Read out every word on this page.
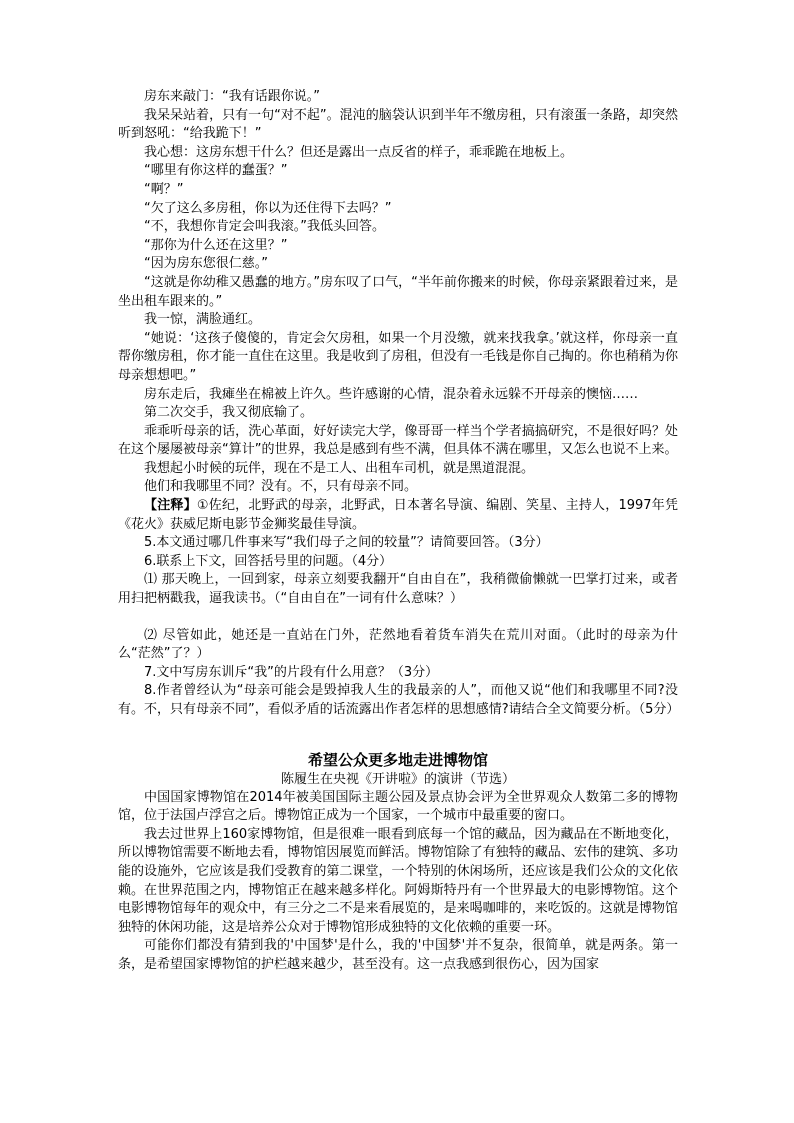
房东来敲门：“我有话跟你说。”

我呆呆站着，只有一句“对不起”。混沌的脑袋认识到半年不缴房租，只有滚蛋一条路，却突然听到怒吼：“给我跪下！”

我心想：这房东想干什么？但还是露出一点反省的样子，乖乖跪在地板上。

“哪里有你这样的蠢蛋？”

“啊？”

“欠了这么多房租，你以为还住得下去吗？”

“不，我想你肯定会叫我滚。”我低头回答。

“那你为什么还在这里？”

“因为房东您很仁慈。”

“这就是你幼稚又愚蠢的地方。”房东叹了口气，“半年前你搬来的时候，你母亲紧跟着过来，是坐出租车跟来的。”

我一惊，满脸通红。

“她说：‘这孩子傻傻的，肯定会欠房租，如果一个月没缴，就来找我拿。’就这样，你母亲一直帮你缴房租，你才能一直住在这里。我是收到了房租，但没有一毛钱是你自己掏的。你也稍稍为你母亲想想吧。”

房东走后，我瘫坐在棉被上许久。些许感谢的心情，混杂着永远躲不开母亲的懊恼……

第二次交手，我又彻底输了。

乖乖听母亲的话，洗心革面，好好读完大学，像哥哥一样当个学者搞搞研究，不是很好吗？处在这个屡屡被母亲“算计”的世界，我总是感到有些不满，但具体不满在哪里，又怎么也说不上来。

我想起小时候的玩伴，现在不是工人、出租车司机，就是黑道混混。

他们和我哪里不同？没有。不，只有母亲不同。

【注释】①佐纪，北野武的母亲，北野武，日本著名导演、编剧、笑星、主持人，1997年凭《花火》获威尼斯电影节金狮奖最佳导演。

5.本文通过哪几件事来写“我们母子之间的较量”？请简要回答。（3分）

6.联系上下文，回答括号里的问题。（4分）

⑴ 那天晚上，一回到家，母亲立刻要我翻开“自由自在”，我稍微偷懒就一巴掌打过来，或者用扫把柄戳我，逼我读书。（“自由自在”一词有什么意味？）

⑵ 尽管如此，她还是一直站在门外，茫然地看着货车消失在荒川对面。（此时的母亲为什么“茫然”了？）

7.文中写房东训斥“我”的片段有什么用意？（3分）

8.作者曾经认为“母亲可能会是毁掉我人生的我最亲的人”，而他又说“他们和我哪里不同?没有。不，只有母亲不同”，看似矛盾的话流露出作者怎样的思想感情?请结合全文简要分析。（5分）

希望公众更多地走进博物馆

陈履生在央视《开讲啦》的演讲（节选）

中国国家博物馆在2014年被美国国际主题公园及景点协会评为全世界观众人数第二多的博物馆，位于法国卢浮宫之后。博物馆正成为一个国家，一个城市中最重要的窗口。

我去过世界上160家博物馆，但是很难一眼看到底每一个馆的藏品，因为藏品在不断地变化，所以博物馆需要不断地去看，博物馆因展览而鲜活。博物馆除了有独特的藏品、宏伟的建筑、多功能的设施外，它应该是我们受教育的第二课堂，一个特别的休闲场所，还应该是我们公众的文化依赖。在世界范围之内，博物馆正在越来越多样化。阿姆斯特丹有一个世界最大的电影博物馆。这个电影博物馆每年的观众中，有三分之二不是来看展览的，是来喝咖啡的，来吃饭的。这就是博物馆独特的休闲功能，这是培养公众对于博物馆形成独特的文化依赖的重要一环。

可能你们都没有猜到我的'中国梦'是什么，我的'中国梦'并不复杂，很简单，就是两条。第一条，是希望国家博物馆的护栏越来越少，甚至没有。这一点我感到很伤心，因为国家
